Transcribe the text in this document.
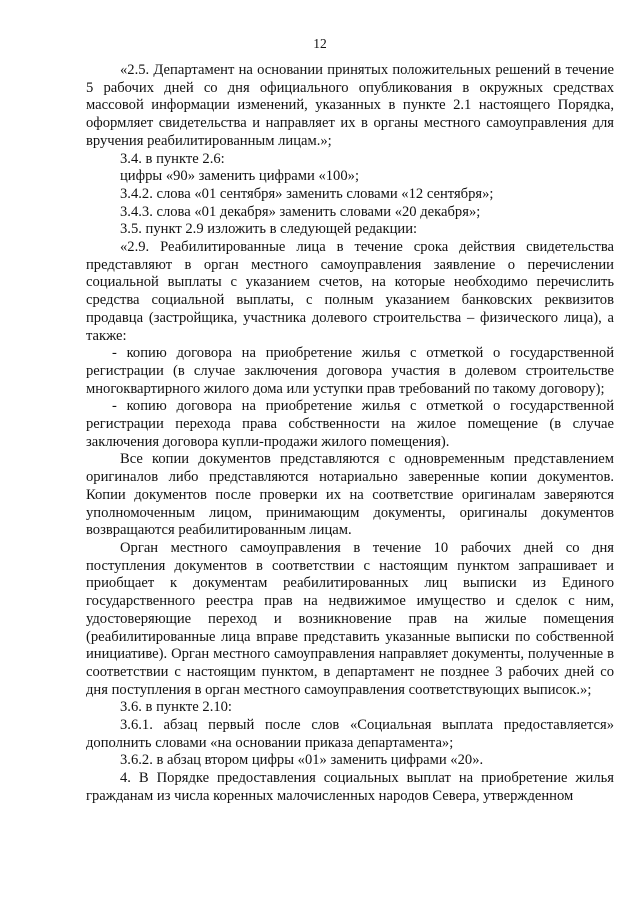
12

«2.5. Департамент на основании принятых положительных решений в течение 5 рабочих дней со дня официального опубликования в окружных средствах массовой информации изменений, указанных в пункте 2.1 настоящего Порядка, оформляет свидетельства и направляет их в органы местного самоуправления для вручения реабилитированным лицам.»;

3.4. в пункте 2.6:

цифры «90» заменить цифрами «100»;

3.4.2. слова «01 сентября» заменить словами «12 сентября»;

3.4.3. слова «01 декабря» заменить словами «20 декабря»;

3.5. пункт 2.9 изложить в следующей редакции:

«2.9. Реабилитированные лица в течение срока действия свидетельства представляют в орган местного самоуправления заявление о перечислении социальной выплаты с указанием счетов, на которые необходимо перечислить средства социальной выплаты, с полным указанием банковских реквизитов продавца (застройщика, участника долевого строительства – физического лица), а также:

- копию договора на приобретение жилья с отметкой о государственной регистрации (в случае заключения договора участия в долевом строительстве многоквартирного жилого дома или уступки прав требований по такому договору);

- копию договора на приобретение жилья с отметкой о государственной регистрации перехода права собственности на жилое помещение (в случае заключения договора купли-продажи жилого помещения).

Все копии документов представляются с одновременным представлением оригиналов либо представляются нотариально заверенные копии документов. Копии документов после проверки их на соответствие оригиналам заверяются уполномоченным лицом, принимающим документы, оригиналы документов возвращаются реабилитированным лицам.

Орган местного самоуправления в течение 10 рабочих дней со дня поступления документов в соответствии с настоящим пунктом запрашивает и приобщает к документам реабилитированных лиц выписки из Единого государственного реестра прав на недвижимое имущество и сделок с ним, удостоверяющие переход и возникновение прав на жилые помещения (реабилитированные лица вправе представить указанные выписки по собственной инициативе). Орган местного самоуправления направляет документы, полученные в соответствии с настоящим пунктом, в департамент не позднее 3 рабочих дней со дня поступления в орган местного самоуправления соответствующих выписок.»;

3.6. в пункте 2.10:

3.6.1. абзац первый после слов «Социальная выплата предоставляется» дополнить словами «на основании приказа департамента»;

3.6.2. в абзац втором цифры «01» заменить цифрами «20».

4. В Порядке предоставления социальных выплат на приобретение жилья гражданам из числа коренных малочисленных народов Севера, утвержденном
